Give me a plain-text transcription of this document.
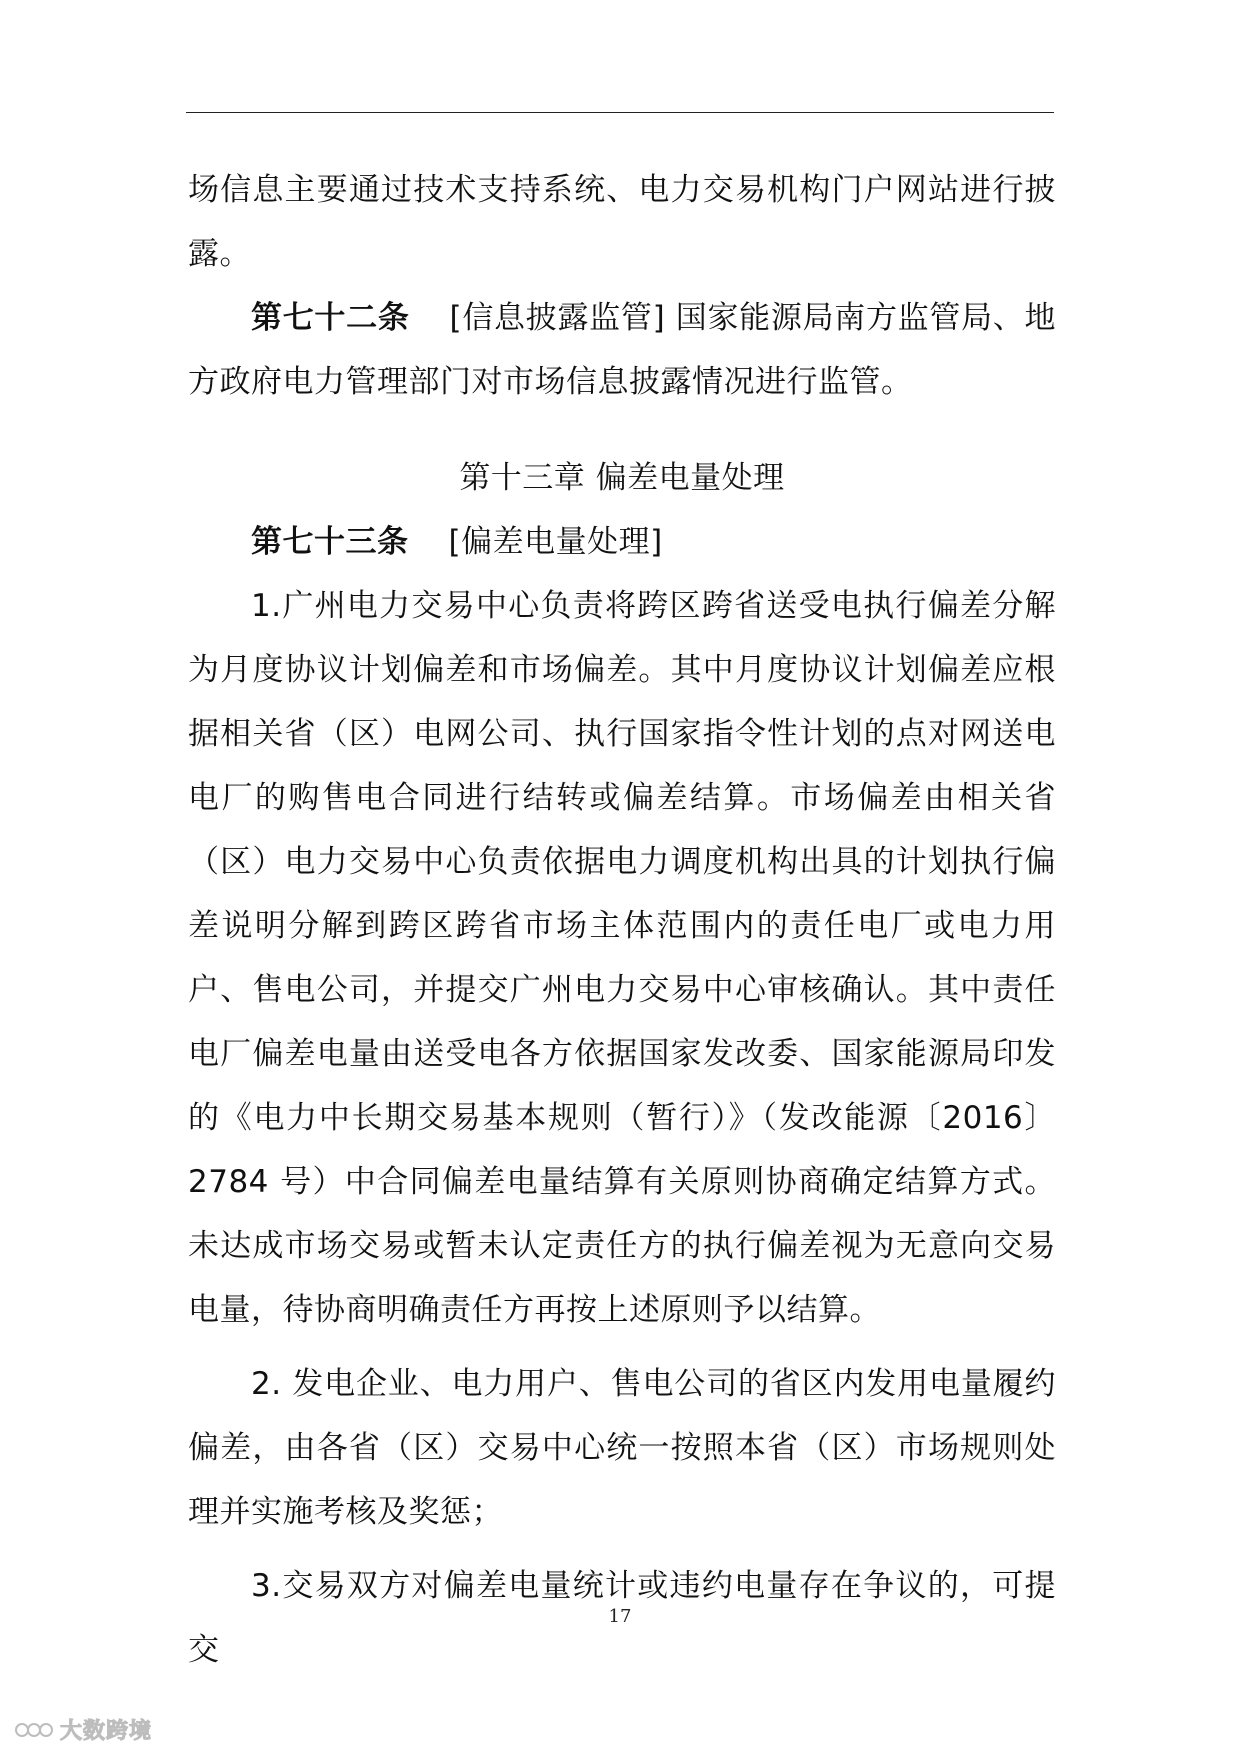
场信息主要通过技术支持系统、电力交易机构门户网站进行披露。

第七十二条 [信息披露监管] 国家能源局南方监管局、地方政府电力管理部门对市场信息披露情况进行监管。

第十三章 偏差电量处理

第七十三条 [偏差电量处理]

1.广州电力交易中心负责将跨区跨省送受电执行偏差分解为月度协议计划偏差和市场偏差。其中月度协议计划偏差应根据相关省（区）电网公司、执行国家指令性计划的点对网送电电厂的购售电合同进行结转或偏差结算。市场偏差由相关省（区）电力交易中心负责依据电力调度机构出具的计划执行偏差说明分解到跨区跨省市场主体范围内的责任电厂或电力用户、售电公司，并提交广州电力交易中心审核确认。其中责任电厂偏差电量由送受电各方依据国家发改委、国家能源局印发的《电力中长期交易基本规则（暂行）》（发改能源〔2016〕2784 号）中合同偏差电量结算有关原则协商确定结算方式。未达成市场交易或暂未认定责任方的执行偏差视为无意向交易电量，待协商明确责任方再按上述原则予以结算。

2. 发电企业、电力用户、售电公司的省区内发用电量履约偏差，由各省（区）交易中心统一按照本省（区）市场规则处理并实施考核及奖惩；

3.交易双方对偏差电量统计或违约电量存在争议的，可提交

17
大数跨境
